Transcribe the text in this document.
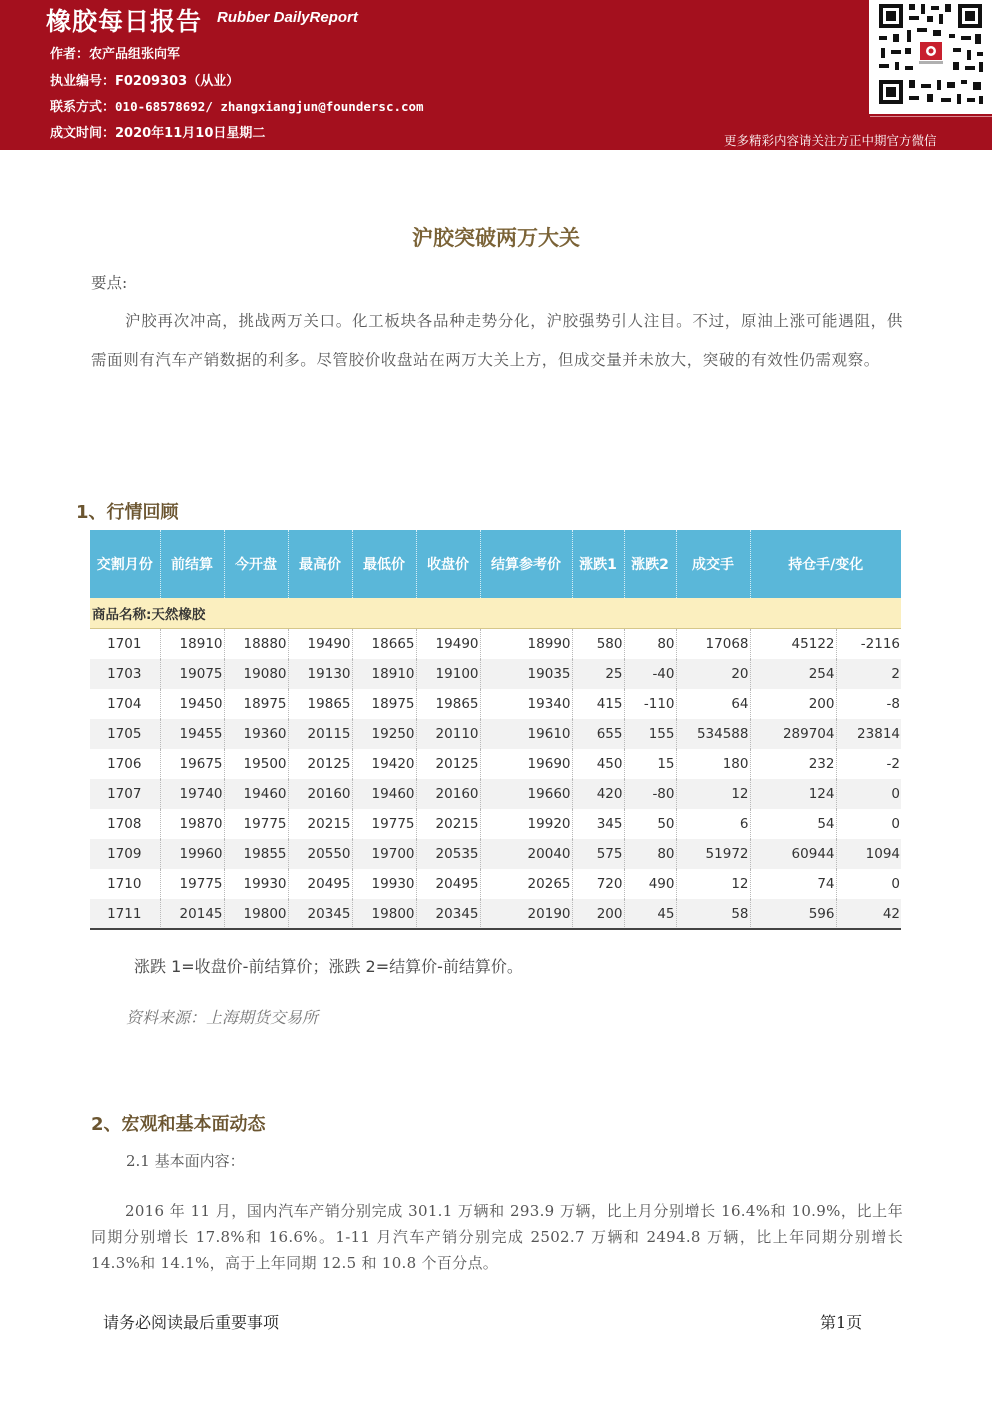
橡胶每日报告 Rubber DailyReport
作者：农产品组张向军
执业编号：F0209303（从业）
联系方式：010-68578692/ zhangxiangjun@foundersc.com
成文时间：2020年11月10日星期二	更多精彩内容请关注方正中期官方微信
沪胶突破两万大关
要点:
沪胶再次冲高，挑战两万关口。化工板块各品种走势分化，沪胶强势引人注目。不过，原油上涨可能遇阻，供需面则有汽车产销数据的利多。尽管胶价收盘站在两万大关上方，但成交量并未放大，突破的有效性仍需观察。
1、行情回顾
交割月份	前结算	今开盘	最高价	最低价	收盘价	结算参考价	涨跌1	涨跌2	成交手	持仓手/变化	
商品名称:天然橡胶											
1701	18910	18880	19490	18665	19490	18990	580	80	17068	45122	-2116
1703	19075	19080	19130	18910	19100	19035	25	-40	20	254	2
1704	19450	18975	19865	18975	19865	19340	415	-110	64	200	-8
1705	19455	19360	20115	19250	20110	19610	655	155	534588	289704	23814
1706	19675	19500	20125	19420	20125	19690	450	15	180	232	-2
1707	19740	19460	20160	19460	20160	19660	420	-80	12	124	0
1708	19870	19775	20215	19775	20215	19920	345	50	6	54	0
1709	19960	19855	20550	19700	20535	20040	575	80	51972	60944	1094
1710	19775	19930	20495	19930	20495	20265	720	490	12	74	0
1711	20145	19800	20345	19800	20345	20190	200	45	58	596	42
涨跌 1=收盘价-前结算价；涨跌 2=结算价-前结算价。
资料来源：上海期货交易所
2、宏观和基本面动态
2.1 基本面内容：
2016 年 11 月，国内汽车产销分别完成 301.1 万辆和 293.9 万辆，比上月分别增长 16.4%和 10.9%，比上年同期分别增长 17.8%和 16.6%。1-11 月汽车产销分别完成 2502.7 万辆和 2494.8 万辆，比上年同期分别增长 14.3%和 14.1%，高于上年同期 12.5 和 10.8 个百分点。
请务必阅读最后重要事项	第1页
